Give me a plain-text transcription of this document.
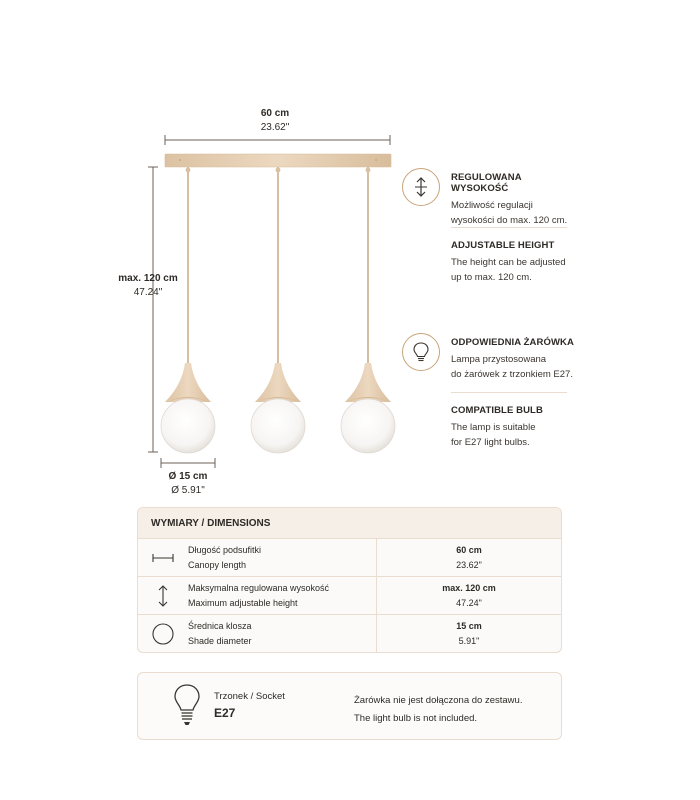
60 cm
23.62"
max. 120 cm
47.24"
Ø 15 cm
Ø 5.91"
REGULOWANA WYSOKOŚĆ
Możliwość regulacji
wysokości do max. 120 cm.
ADJUSTABLE HEIGHT
The height can be adjusted
up to max. 120 cm.
ODPOWIEDNIA ŻARÓWKA
Lampa przystosowana
do żarówek z trzonkiem E27.
COMPATIBLE BULB
The lamp is suitable
for E27 light bulbs.
WYMIARY / DIMENSIONS
Długość podsufitki
Canopy length
60 cm
23.62"
Maksymalna regulowana wysokość
Maximum adjustable height
max. 120 cm
47.24"
Średnica klosza
Shade diameter
15 cm
5.91"
Trzonek / Socket
E27
Żarówka nie jest dołączona do zestawu.
The light bulb is not included.
